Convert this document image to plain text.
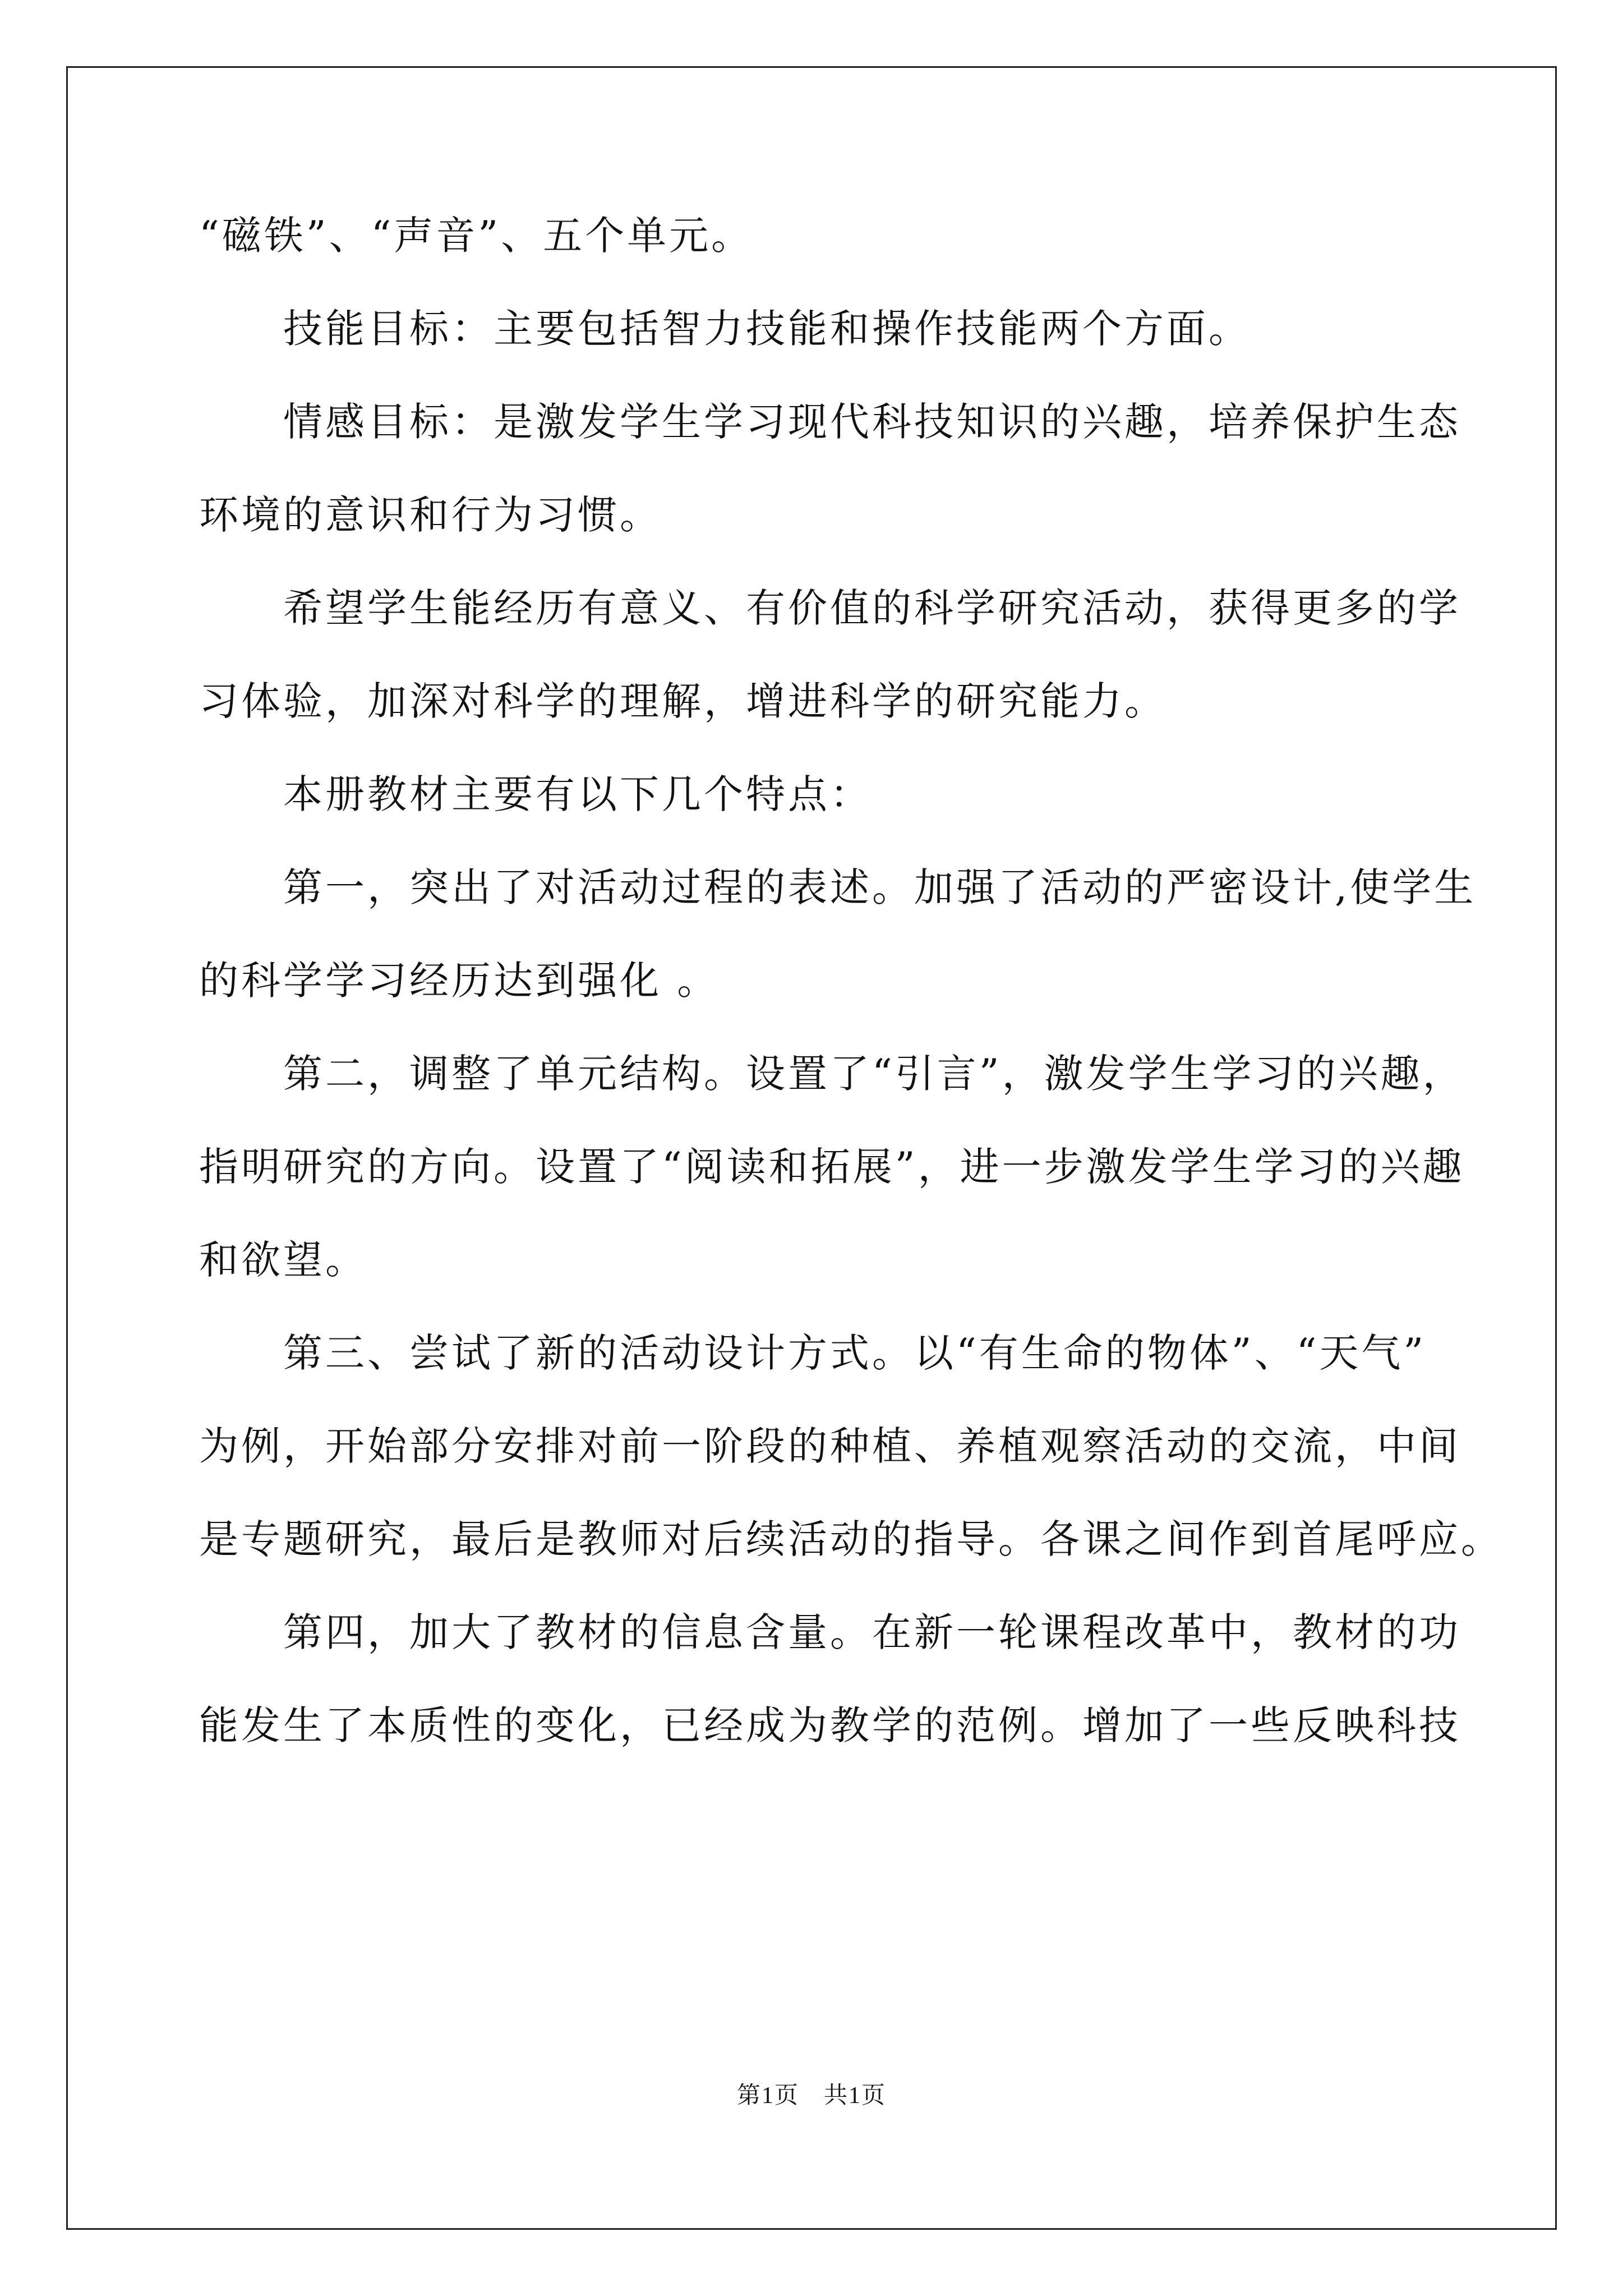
“磁铁”、“声音”、五个单元。
技能目标：主要包括智力技能和操作技能两个方面。
情感目标：是激发学生学习现代科技知识的兴趣，培养保护生态
环境的意识和行为习惯。
希望学生能经历有意义、有价值的科学研究活动，获得更多的学
习体验，加深对科学的理解，增进科学的研究能力。
本册教材主要有以下几个特点：
第一，突出了对活动过程的表述。加强了活动的严密设计,使学生
的科学学习经历达到强化 。
第二，调整了单元结构。设置了“引言”，激发学生学习的兴趣，
指明研究的方向。设置了“阅读和拓展”，进一步激发学生学习的兴趣
和欲望。
第三、尝试了新的活动设计方式。以“有生命的物体”、“天气”
为例，开始部分安排对前一阶段的种植、养植观察活动的交流，中间
是专题研究，最后是教师对后续活动的指导。各课之间作到首尾呼应。
第四，加大了教材的信息含量。在新一轮课程改革中，教材的功
能发生了本质性的变化，已经成为教学的范例。增加了一些反映科技
第1页　共1页
